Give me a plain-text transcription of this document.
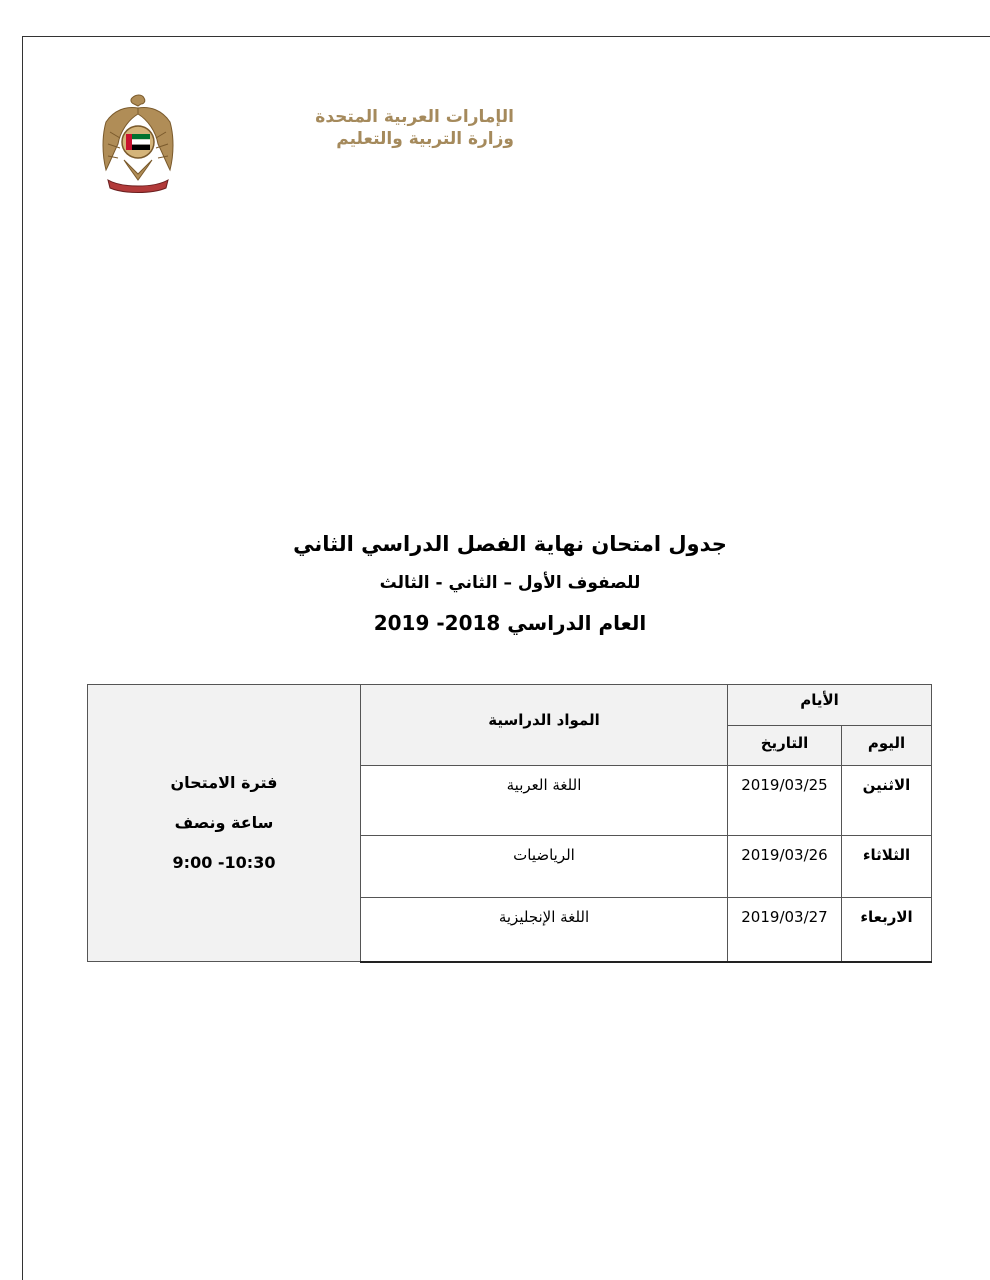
الإمارات العربية المتحدة
وزارة التربية والتعليم
جدول امتحان نهاية الفصل الدراسي الثاني
للصفوف الأول – الثاني - الثالث
العام الدراسي 2018- 2019
الأيام		المواد الدراسية	فترة الامتحان
ساعة ونصف
9:00 -10:30

اليوم	التاريخ		
الاثنين	2019/03/25	اللغة العربية	
الثلاثاء	2019/03/26	الرياضيات	
الاربعاء	2019/03/27	اللغة الإنجليزية	
